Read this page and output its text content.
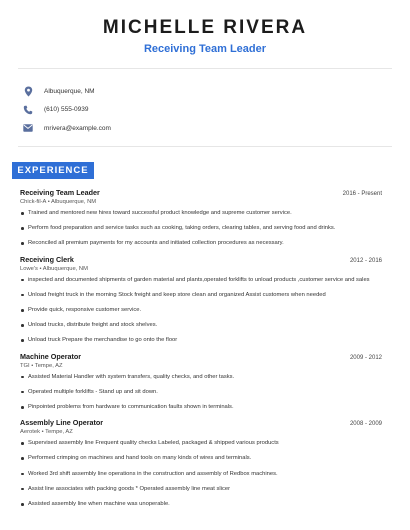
MICHELLE RIVERA
Receiving Team Leader
Albuquerque, NM
(610) 555-0939
mrivera@example.com
EXPERIENCE
Receiving Team Leader	2016 - Present
Chick-fil-A • Albuquerque, NM
Trained and mentored new hires toward successful product knowledge and supreme customer service.
Perform food preparation and service tasks such as cooking, taking orders, clearing tables, and serving food and drinks.
Reconciled all premium payments for my accounts and initiated collection procedures as necessary.
Receiving Clerk	2012 - 2016
Lowe's • Albuquerque, NM
inspected and documented shipments of garden material and plants,operated forklifts to unload products ,customer service and sales
Unload freight truck in the morning Stock freight and keep store clean and organized Assist customers when needed
Provide quick, responsive customer service.
Unload trucks, distribute freight and stock shelves.
Unload truck Prepare the merchandise to go onto the floor
Machine Operator	2009 - 2012
TGI • Tempe, AZ
Assisted Material Handler with system transfers, quality checks, and other tasks.
Operated multiple forklifts - Stand up and sit down.
Pinpointed problems from hardware to communication faults shown in terminals.
Assembly Line Operator	2008 - 2009
Aerotek • Tempe, AZ
Supervised assembly line Frequent quality checks Labeled, packaged & shipped various products
Performed crimping on machines and hand tools on many kinds of wires and terminals.
Worked 3rd shift assembly line operations in the construction and assembly of Redbox machines.
Assist line associates with packing goods * Operated assembly line meat slicer
Assisted assembly line when machine was unoperable.
